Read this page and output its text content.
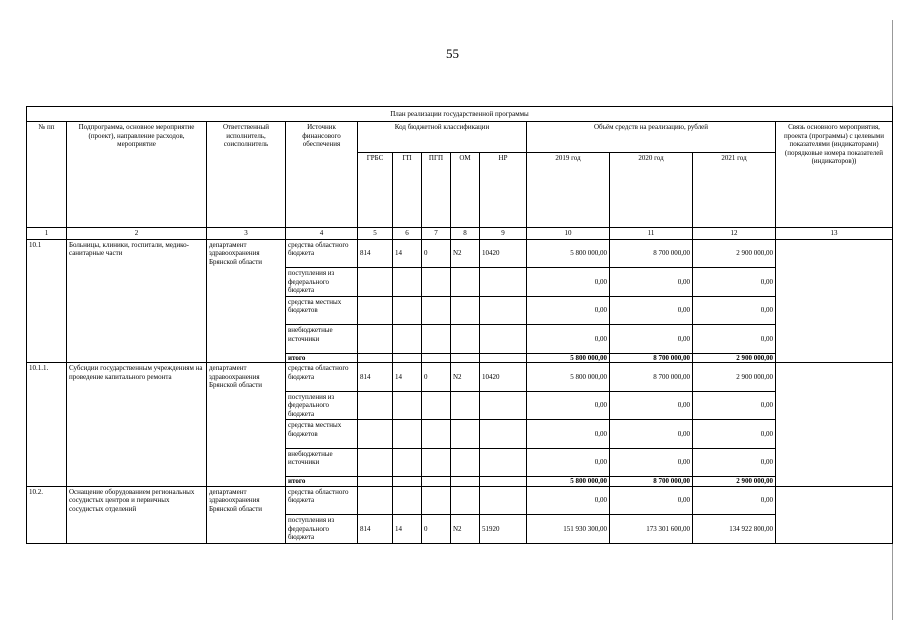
55
План реализации государственной программы												
№ пп	Подпрограмма, основное мероприятие (проект), направление расходов, мероприятие	Ответственный исполнитель, соисполнитель	Источник финансового обеспечения	Код бюджетной классификации					Объём средств на реализацию, рублей			Связь основного мероприятия, проекта (программы) с целевыми показателями (индикаторами) (порядковые номера показателей (индикаторов))
				ГРБС	ГП	ПГП	ОМ	НР	2019 год	2020 год	2021 год	
1	2	3	4	5	6	7	8	9	10	11	12	13
10.1	Больницы, клиники, госпитали, медико-санитарные части	департамент здравоохранения Брянской области	средства областного бюджета	814	14	0	N2	10420	5 800 000,00	8 700 000,00	2 900 000,00	
			поступления из федерального бюджета						0,00	0,00	0,00	
			средства местных бюджетов						0,00	0,00	0,00	
			внебюджетные источники						0,00	0,00	0,00	
			итого						5 800 000,00	8 700 000,00	2 900 000,00	
10.1.1.	Субсидии государственным учреждениям на проведение капитального ремонта	департамент здравоохранения Брянской области	средства областного бюджета	814	14	0	N2	10420	5 800 000,00	8 700 000,00	2 900 000,00	
			поступления из федерального бюджета						0,00	0,00	0,00	
			средства местных бюджетов						0,00	0,00	0,00	
			внебюджетные источники						0,00	0,00	0,00	
			итого						5 800 000,00	8 700 000,00	2 900 000,00	
10.2.	Оснащение оборудованием региональных сосудистых центров и первичных сосудистых отделений	департамент здравоохранения Брянской области	средства областного бюджета						0,00	0,00	0,00	
			поступления из федерального бюджета	814	14	0	N2	51920	151 930 300,00	173 301 600,00	134 922 800,00	
